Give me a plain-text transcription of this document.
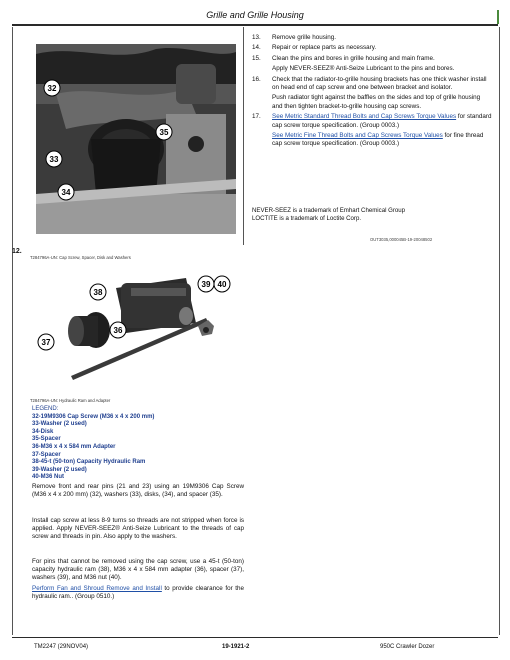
Grille and Grille Housing
32
35
33
34
13. Remove grille housing.
14. Repair or replace parts as necessary.
15. Clean the pins and bores in grille housing and main frame.
Apply NEVER-SEEZ® Anti-Seize Lubricant to the pins and bores.
16. Check that the radiator-to-grille housing brackets has one thick washer install on head end of cap screw and one between bracket and isolator.
Push radiator tight against the baffles on the sides and top of grille housing and then tighten bracket-to-grille housing cap screws.
17. See Metric Standard Thread Bolts and Cap Screws Torque Values for standard cap screw torque specification. (Group 0003.)
See Metric Fine Thread Bolts and Cap Screws Torque Values for fine thread cap screw torque specification. (Group 0003.)
NEVER-SEEZ is a trademark of Emhart Chemical Group
LOCTITE is a trademark of Loctite Corp.
OUT3035,000045B-19-20048502
12.
T284796A-UN: Cap Screw, Spacer, Disk and Washers
38
39 40
36
37
T284796A-UN: Hydraulic Ram and Adapter
LEGEND:
32-19M9306 Cap Screw (M36 x 4 x 200 mm)
33-Washer (2 used)
34-Disk
35-Spacer
36-M36 x 4 x 584 mm Adapter
37-Spacer
38-45-t (50-ton) Capacity Hydraulic Ram
39-Washer (2 used)
40-M36 Nut
Remove front and rear pins (21 and 23) using an 19M9306 Cap Screw (M36 x 4 x 200 mm) (32), washers (33), disks, (34), and spacer (35).
Install cap screw at less 8-9 turns so threads are not stripped when force is applied. Apply NEVER-SEEZ® Anti-Seize Lubricant to the threads of cap screw and threads in pin. Also apply to the washers.
For pins that cannot be removed using the cap screw, use a 45-t (50-ton) capacity hydraulic ram (38), M36 x 4 x 584 mm adapter (36), spacer (37), washers (39), and M36 nut (40).
Perform Fan and Shroud Remove and Install to provide clearance for the hydraulic ram.. (Group 0510.)
TM2247 (29NOV04)	19-1921-2	950C Crawler Dozer
